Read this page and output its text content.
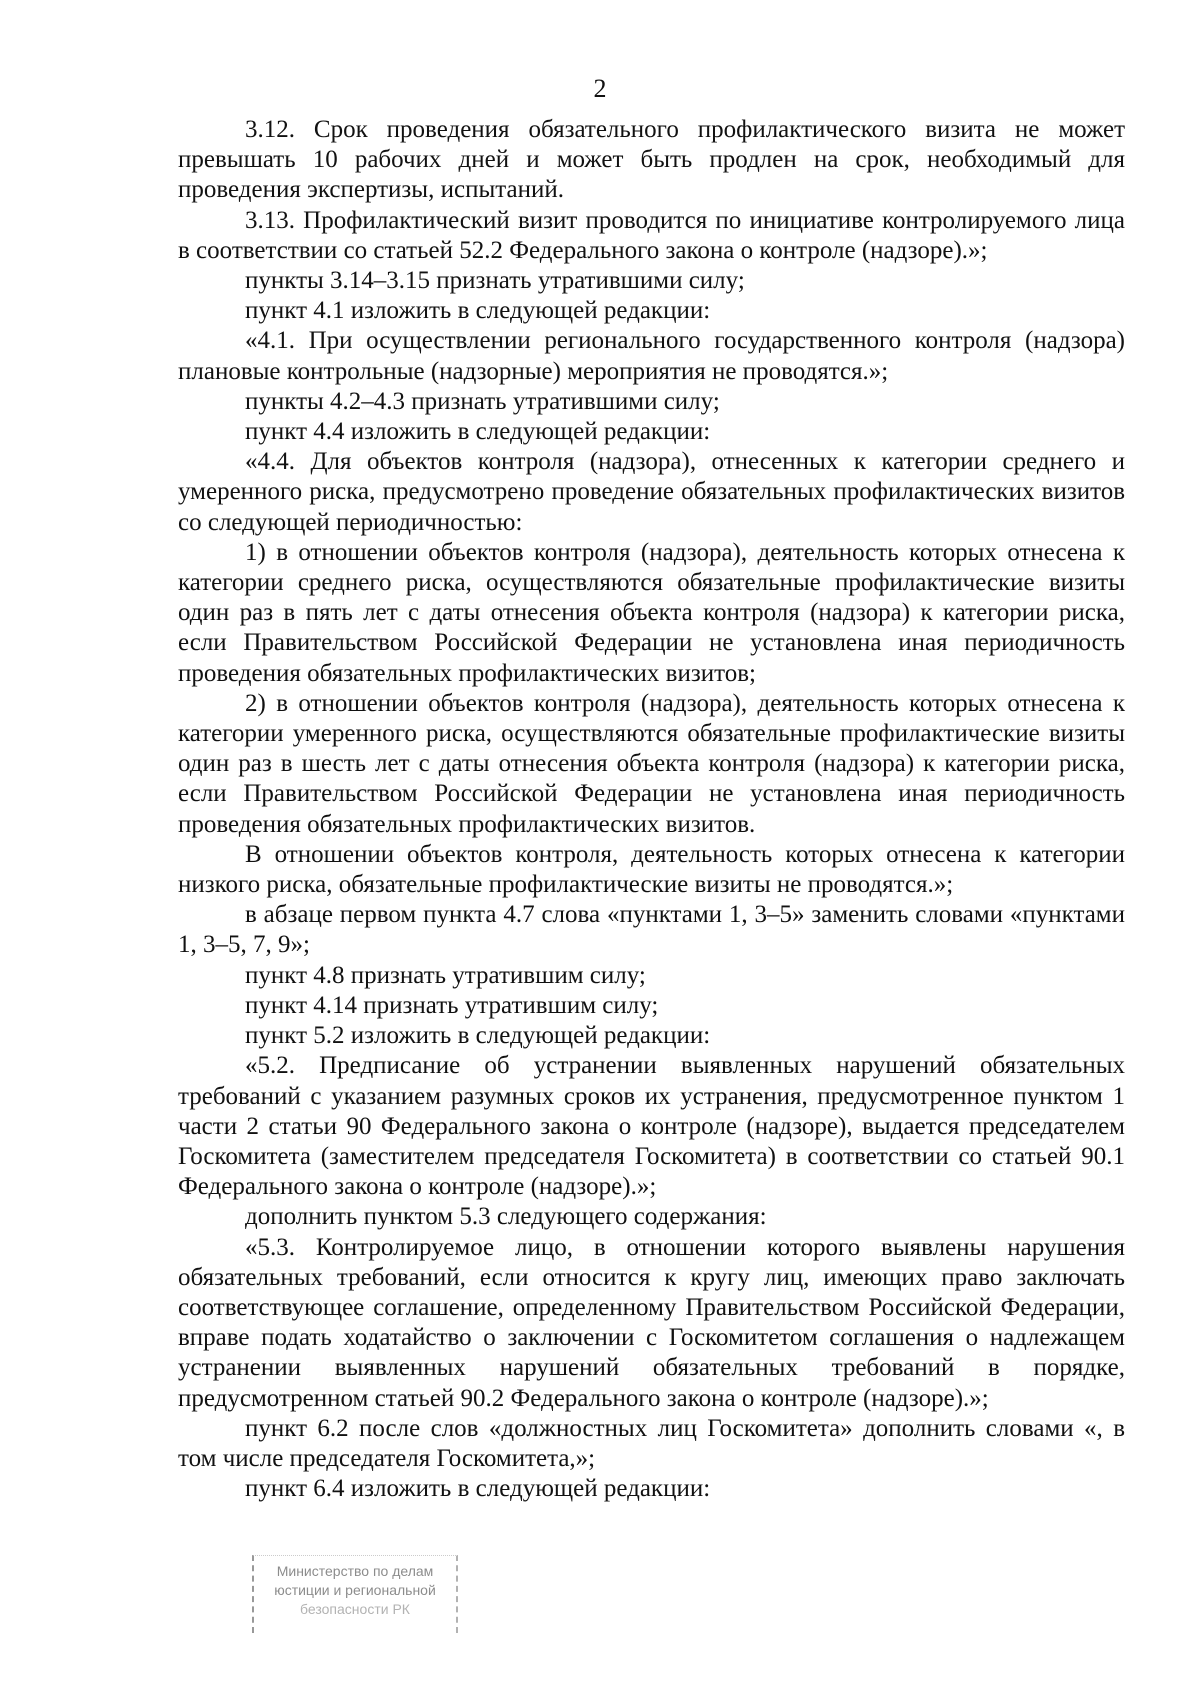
2

3.12. Срок проведения обязательного профилактического визита не может превышать 10 рабочих дней и может быть продлен на срок, необходимый для проведения экспертизы, испытаний.

3.13. Профилактический визит проводится по инициативе контролируемого лица в соответствии со статьей 52.2 Федерального закона о контроле (надзоре).»;

пункты 3.14–3.15 признать утратившими силу;

пункт 4.1 изложить в следующей редакции:

«4.1. При осуществлении регионального государственного контроля (надзора) плановые контрольные (надзорные) мероприятия не проводятся.»;

пункты 4.2–4.3 признать утратившими силу;

пункт 4.4 изложить в следующей редакции:

«4.4. Для объектов контроля (надзора), отнесенных к категории среднего и умеренного риска, предусмотрено проведение обязательных профилактических визитов со следующей периодичностью:

1) в отношении объектов контроля (надзора), деятельность которых отнесена к категории среднего риска, осуществляются обязательные профилактические визиты один раз в пять лет с даты отнесения объекта контроля (надзора) к категории риска, если Правительством Российской Федерации не установлена иная периодичность проведения обязательных профилактических визитов;

2) в отношении объектов контроля (надзора), деятельность которых отнесена к категории умеренного риска, осуществляются обязательные профилактические визиты один раз в шесть лет с даты отнесения объекта контроля (надзора) к категории риска, если Правительством Российской Федерации не установлена иная периодичность проведения обязательных профилактических визитов.

В отношении объектов контроля, деятельность которых отнесена к категории низкого риска, обязательные профилактические визиты не проводятся.»;

в абзаце первом пункта 4.7 слова «пунктами 1, 3–5» заменить словами «пунктами 1, 3–5, 7, 9»;

пункт 4.8 признать утратившим силу;

пункт 4.14 признать утратившим силу;

пункт 5.2 изложить в следующей редакции:

«5.2. Предписание об устранении выявленных нарушений обязательных требований с указанием разумных сроков их устранения, предусмотренное пунктом 1 части 2 статьи 90 Федерального закона о контроле (надзоре), выдается председателем Госкомитета (заместителем председателя Госкомитета) в соответствии со статьей 90.1 Федерального закона о контроле (надзоре).»;

дополнить пунктом 5.3 следующего содержания:

«5.3. Контролируемое лицо, в отношении которого выявлены нарушения обязательных требований, если относится к кругу лиц, имеющих право заключать соответствующее соглашение, определенному Правительством Российской Федерации, вправе подать ходатайство о заключении с Госкомитетом соглашения о надлежащем устранении выявленных нарушений обязательных требований в порядке, предусмотренном статьей 90.2 Федерального закона о контроле (надзоре).»;

пункт 6.2 после слов «должностных лиц Госкомитета» дополнить словами «, в том числе председателя Госкомитета,»;

пункт 6.4 изложить в следующей редакции:

Министерство по делам
юстиции и региональной
безопасности РК
